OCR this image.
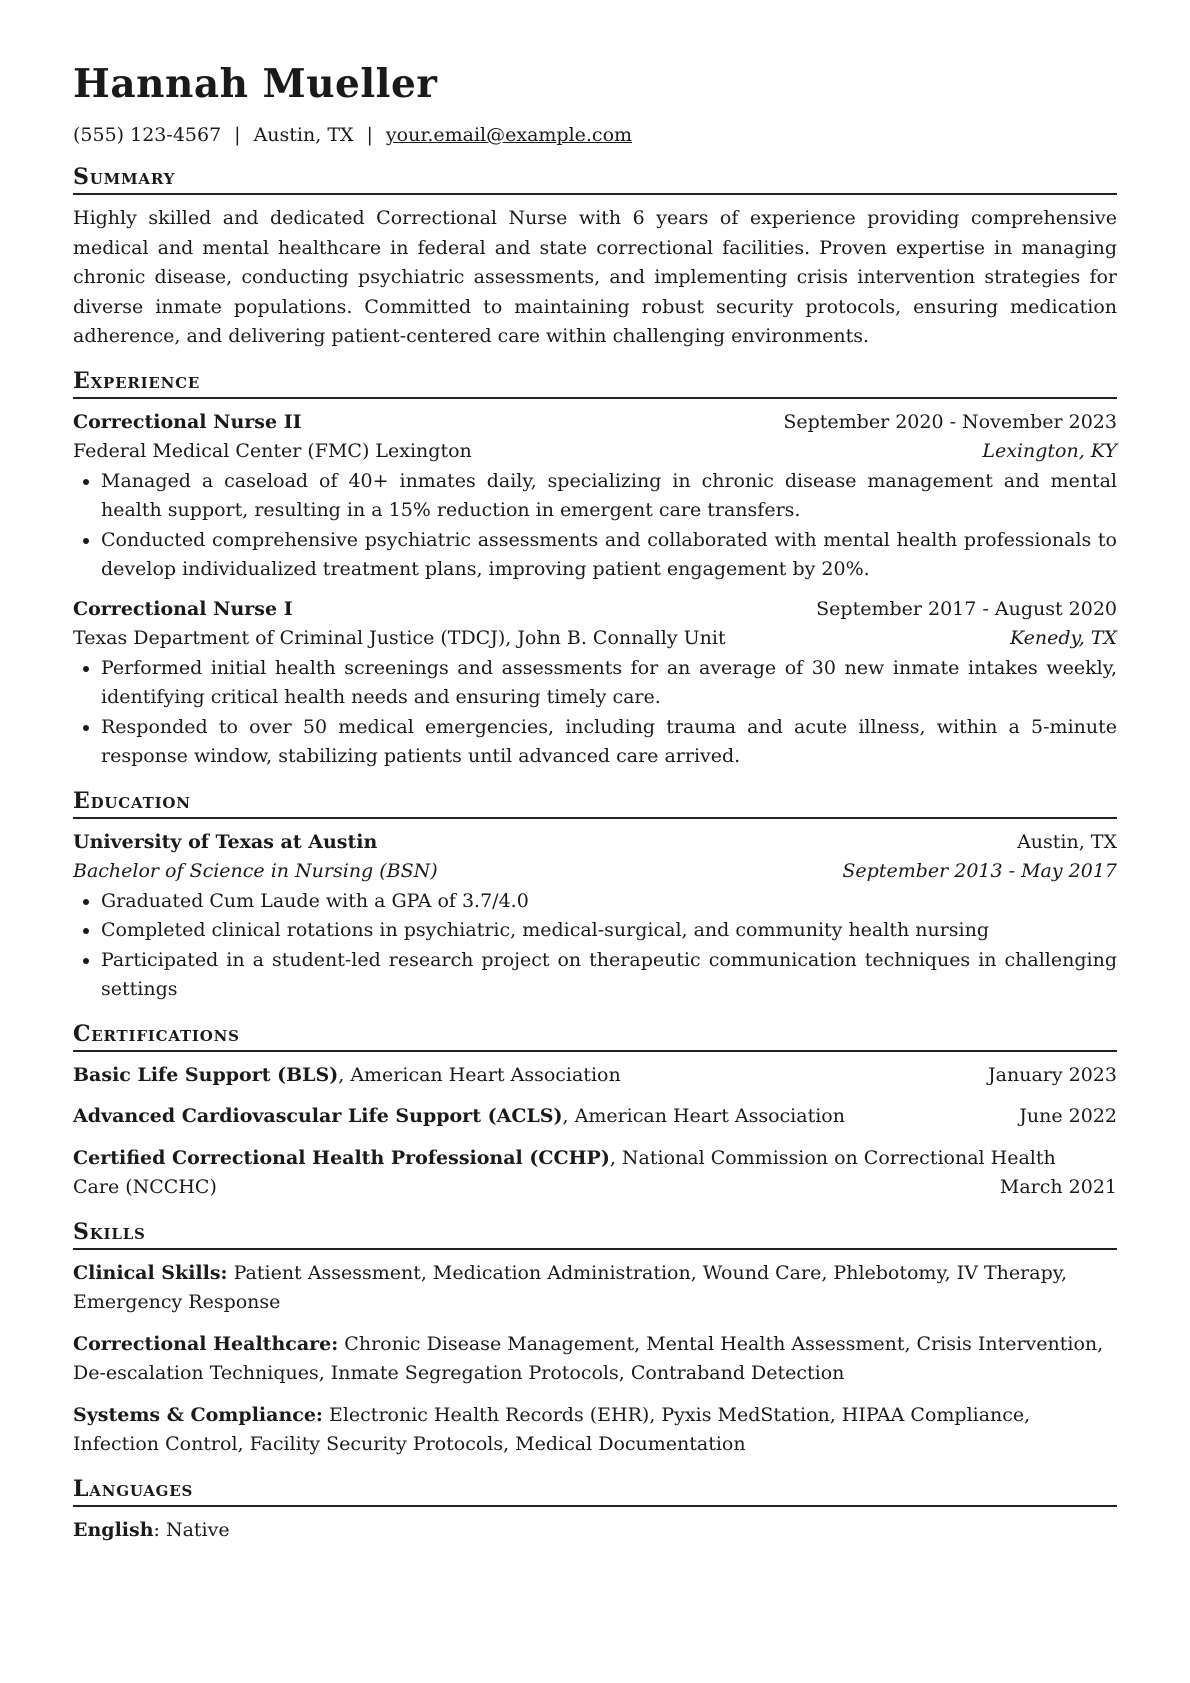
Hannah Mueller
(555) 123-4567 | Austin, TX | your.email@example.com
Summary

Highly skilled and dedicated Correctional Nurse with 6 years of experience providing comprehensive medical and mental healthcare in federal and state correctional facilities. Proven expertise in managing chronic disease, conducting psychiatric assessments, and implementing crisis intervention strategies for diverse inmate populations. Committed to maintaining robust security protocols, ensuring medication adherence, and delivering patient-centered care within challenging environments.

Experience
Correctional Nurse II	September 2020 - November 2023
Federal Medical Center (FMC) Lexington	Lexington, KY
• Managed a caseload of 40+ inmates daily, specializing in chronic disease management and mental health support, resulting in a 15% reduction in emergent care transfers.
• Conducted comprehensive psychiatric assessments and collaborated with mental health professionals to develop individualized treatment plans, improving patient engagement by 20%.
Correctional Nurse I	September 2017 - August 2020
Texas Department of Criminal Justice (TDCJ), John B. Connally Unit	Kenedy, TX
• Performed initial health screenings and assessments for an average of 30 new inmate intakes weekly, identifying critical health needs and ensuring timely care.
• Responded to over 50 medical emergencies, including trauma and acute illness, within a 5-minute response window, stabilizing patients until advanced care arrived.
Education
University of Texas at Austin	Austin, TX
Bachelor of Science in Nursing (BSN)	September 2013 - May 2017
• Graduated Cum Laude with a GPA of 3.7/4.0
• Completed clinical rotations in psychiatric, medical-surgical, and community health nursing
• Participated in a student-led research project on therapeutic communication techniques in challenging settings
Certifications
Basic Life Support (BLS), American Heart Association	January 2023
Advanced Cardiovascular Life Support (ACLS), American Heart Association	June 2022
Certified Correctional Health Professional (CCHP), National Commission on Correctional Health
Care (NCCHC)	March 2021
Skills
Clinical Skills: Patient Assessment, Medication Administration, Wound Care, Phlebotomy, IV Therapy, Emergency Response
Correctional Healthcare: Chronic Disease Management, Mental Health Assessment, Crisis Intervention, De-escalation Techniques, Inmate Segregation Protocols, Contraband Detection
Systems & Compliance: Electronic Health Records (EHR), Pyxis MedStation, HIPAA Compliance, Infection Control, Facility Security Protocols, Medical Documentation
Languages
English: Native
